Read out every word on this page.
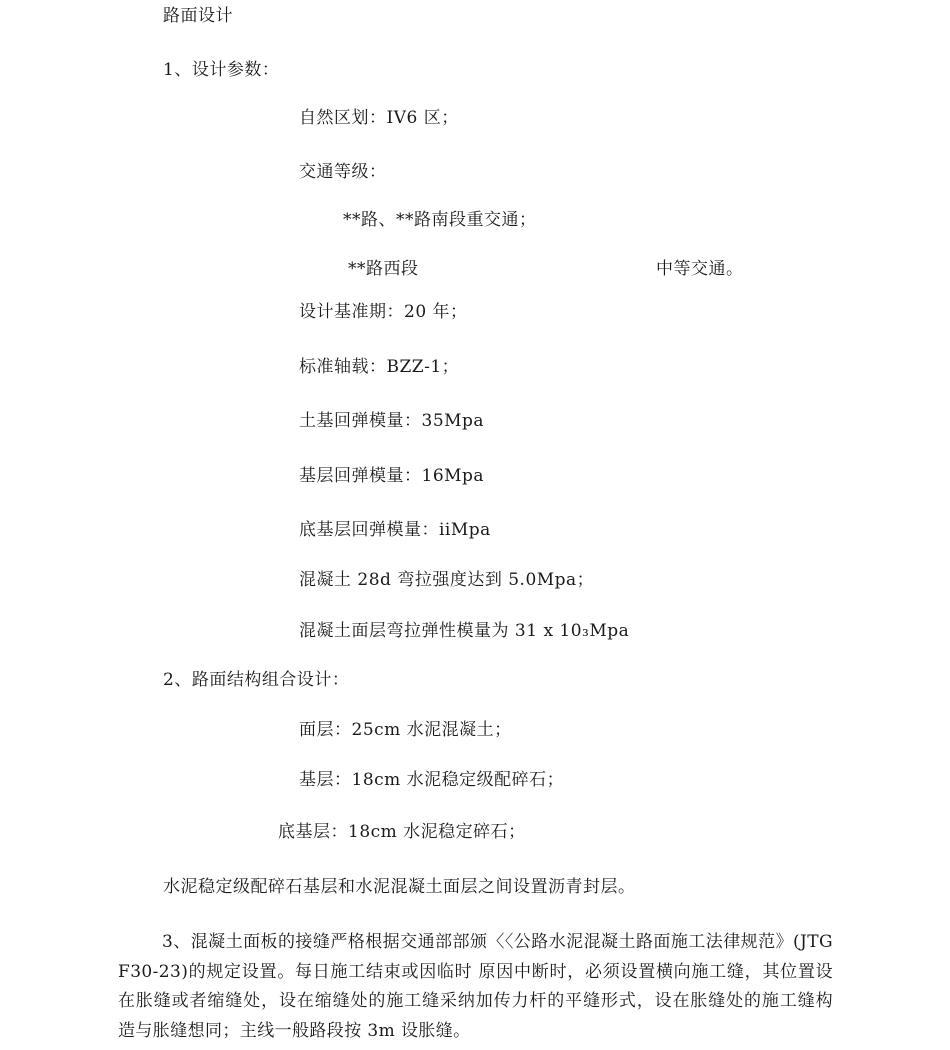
路面设计
1、设计参数：
自然区划：IV6 区；
交通等级：
**路、**路南段重交通；
**路西段	中等交通。
设计基准期：20 年；
标准轴载：BZZ-1；
土基回弹模量：35Mpa
基层回弹模量：16Mpa
底基层回弹模量：iiMpa
混凝土 28d 弯拉强度达到 5.0Mpa；
混凝土面层弯拉弹性模量为 31 x 10₃Mpa
2、路面结构组合设计：
面层：25cm 水泥混凝土；
基层：18cm 水泥稳定级配碎石；
底基层：18cm 水泥稳定碎石；
水泥稳定级配碎石基层和水泥混凝土面层之间设置沥青封层。

3、混凝土面板的接缝严格根据交通部部颁〈〈公路水泥混凝土路面施工法律规范》(JTG F30-23)的规定设置。每日施工结束或因临时 原因中断时，必须设置横向施工缝，其位置设在胀缝或者缩缝处，设在缩缝处的施工缝采纳加传力杆的平缝形式，设在胀缝处的施工缝构 造与胀缝想同；主线一般路段按 3m 设胀缝。
